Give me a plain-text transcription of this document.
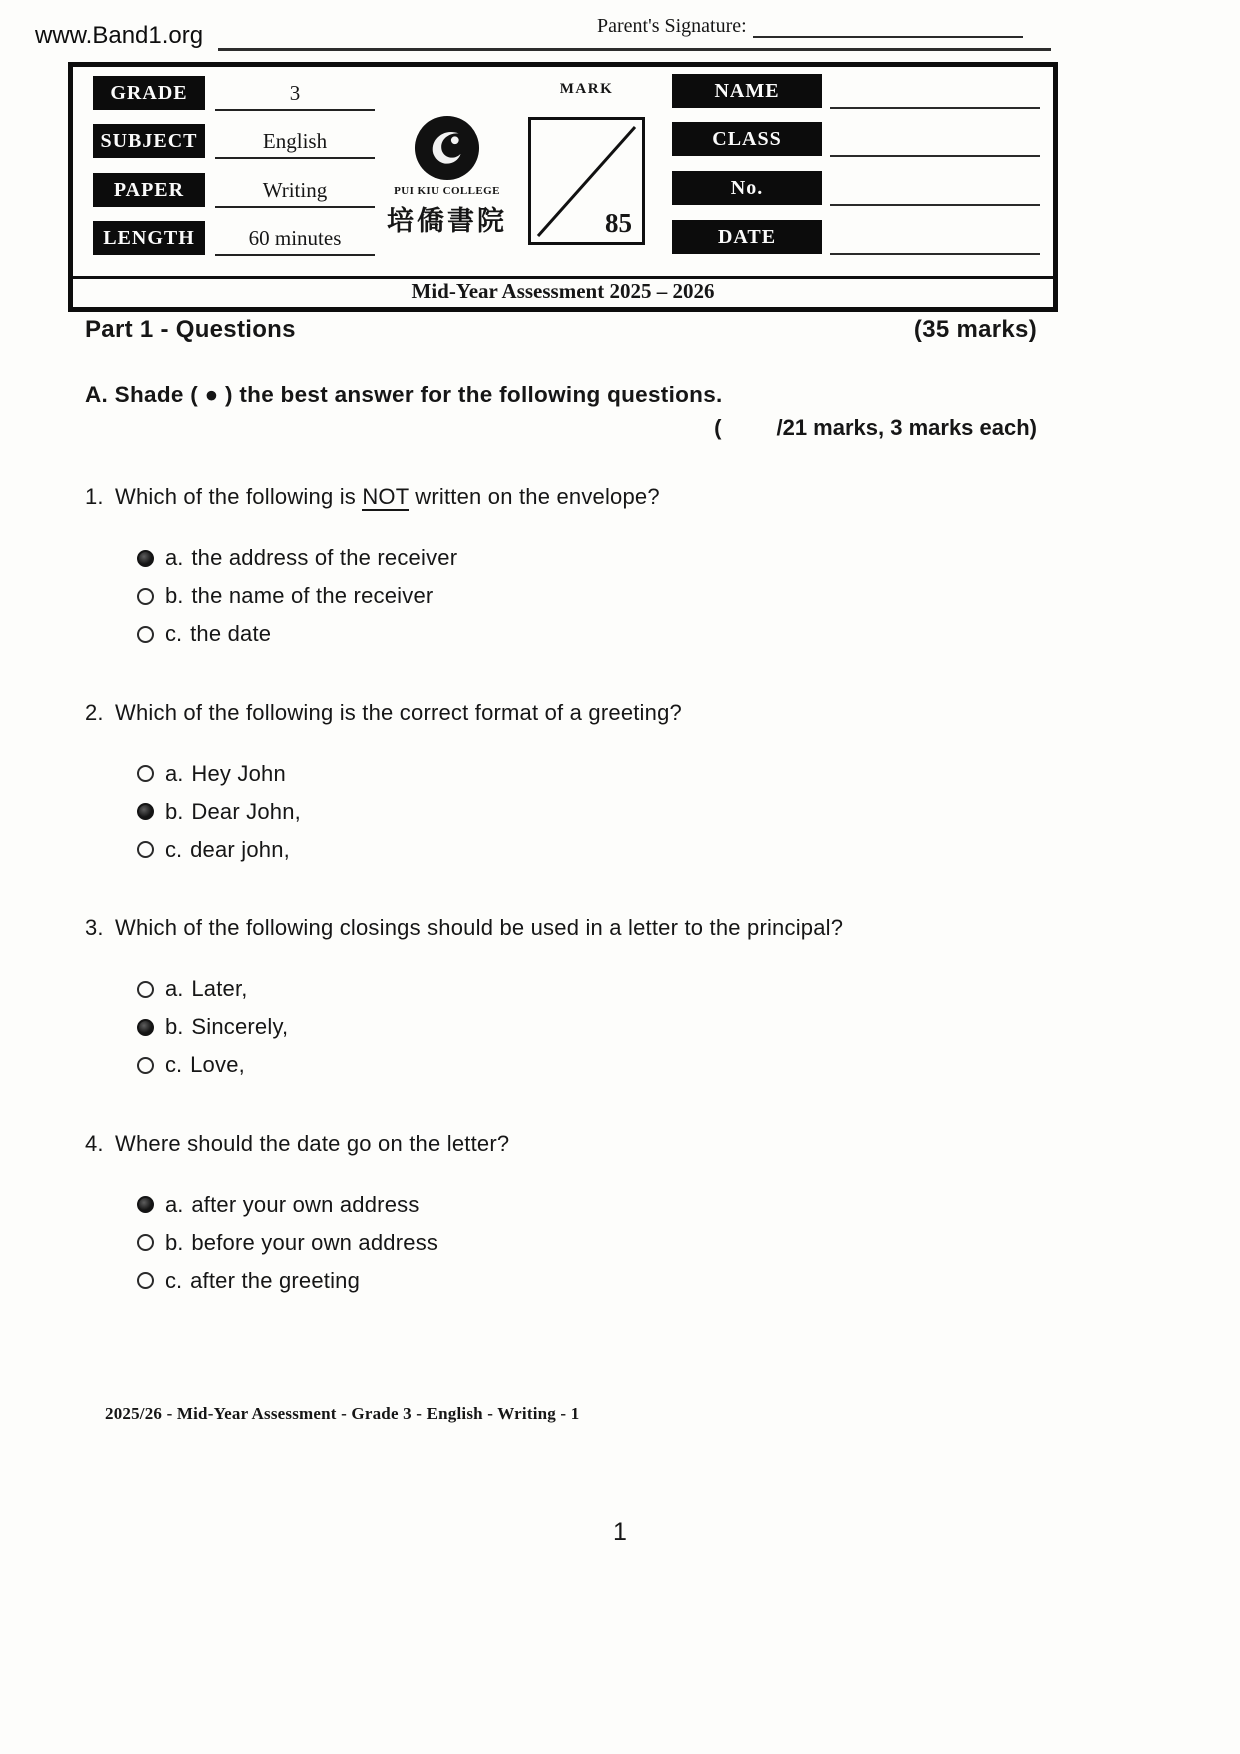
www.Band1.org	Parent's Signature:
GRADE	3
SUBJECT	English
PAPER	Writing
LENGTH	60 minutes
PUI KIU COLLEGE
培僑書院
MARK
85
NAME
CLASS
No.
DATE
Mid-Year Assessment 2025 – 2026
Part 1 - Questions	(35 marks)
A. Shade ( ● ) the best answer for the following questions.
(	/21 marks, 3 marks each)
1. Which of the following is NOT written on the envelope?
a. the address of the receiver
b. the name of the receiver
c. the date
2. Which of the following is the correct format of a greeting?
a. Hey John
b. Dear John,
c. dear john,
3. Which of the following closings should be used in a letter to the principal?
a. Later,
b. Sincerely,
c. Love,
4. Where should the date go on the letter?
a. after your own address
b. before your own address
c. after the greeting
2025/26 - Mid-Year Assessment - Grade 3 - English - Writing - 1
1
